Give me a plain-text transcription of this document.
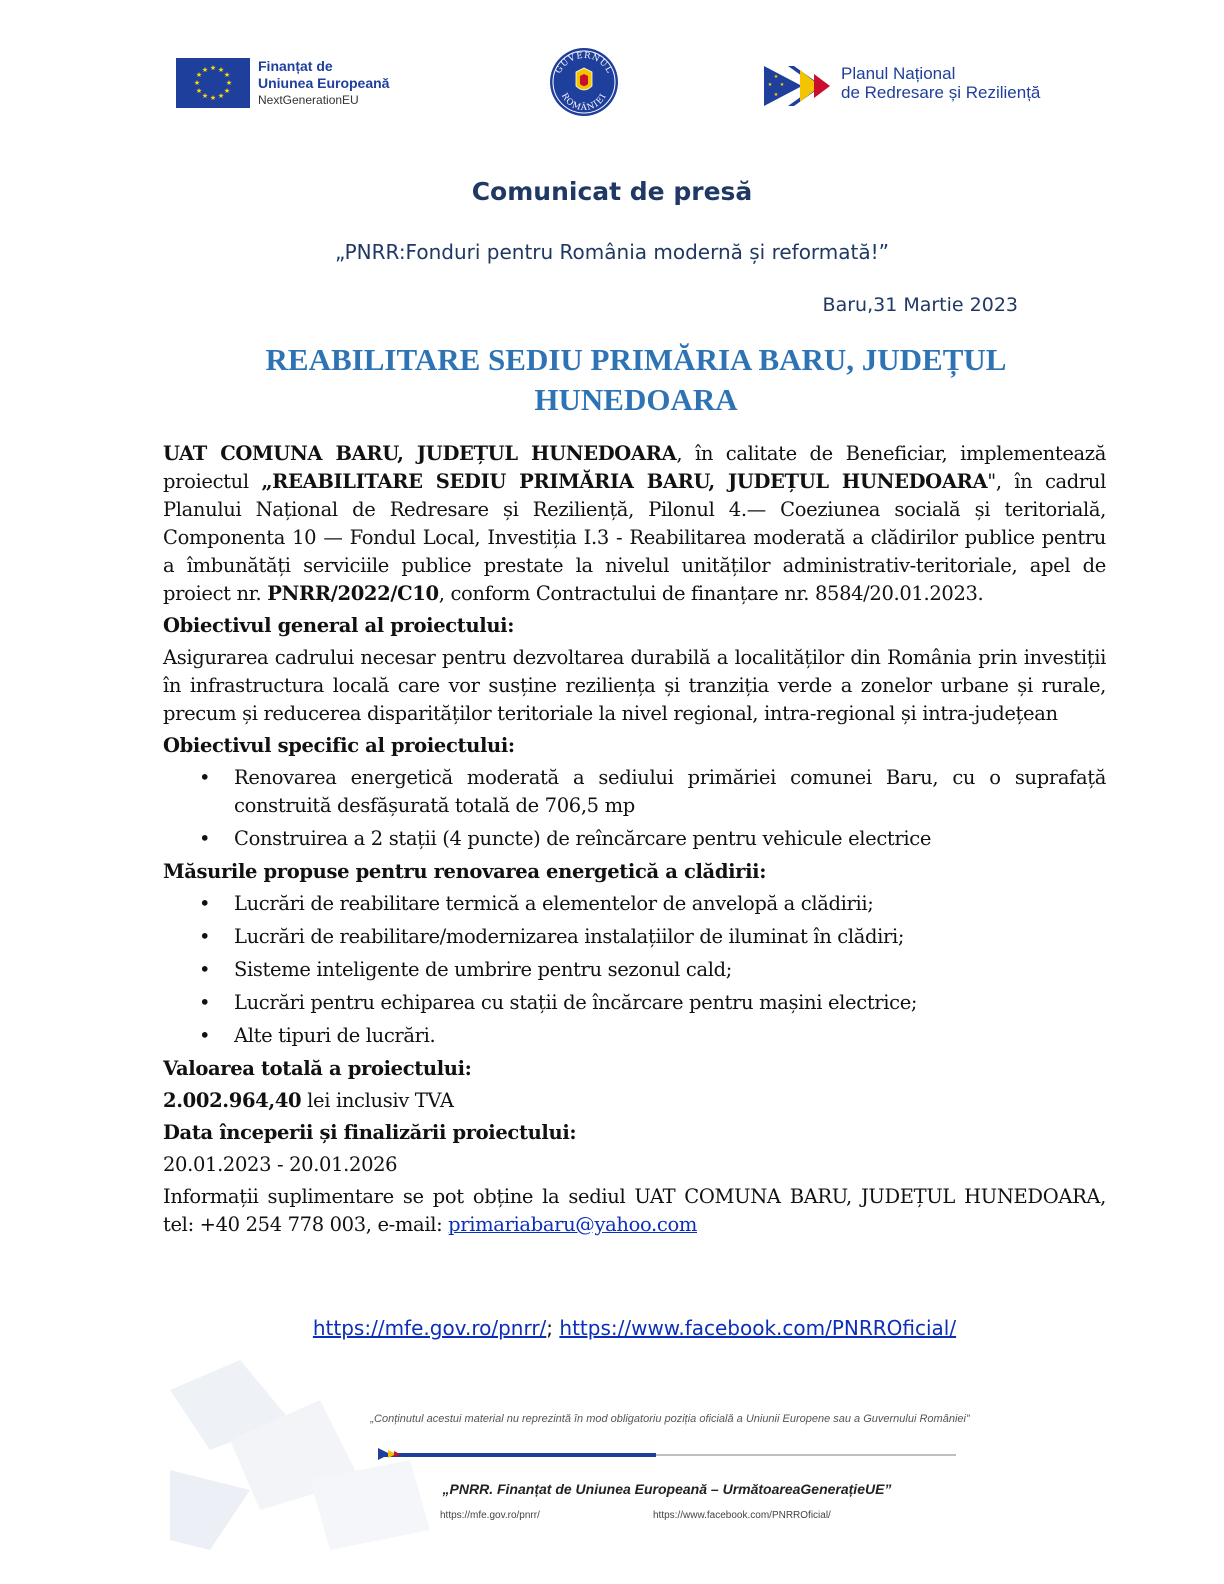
★ ★
★
★
★
★
★
★
★
★
★
★	Finanțat de
Uniunea Europeană
NextGenerationEU
GUVERNUL
ROMÂNIEI
★
★
★
★
Planul Național
de Redresare și Reziliență
Comunicat de presă
„PNRR:Fonduri pentru România modernă și reformată!”
Baru,31 Martie 2023
REABILITARE SEDIU PRIMĂRIA BARU, JUDEȚUL HUNEDOARA

UAT COMUNA BARU, JUDEȚUL HUNEDOARA, în calitate de Beneficiar, implementează proiectul „REABILITARE SEDIU PRIMĂRIA BARU, JUDEȚUL HUNEDOARA", în cadrul Planului Național de Redresare și Reziliență, Pilonul 4.— Coeziunea socială și teritorială, Componenta 10 — Fondul Local, Investiția I.3 - Reabilitarea moderată a clădirilor publice pentru a îmbunătăți serviciile publice prestate la nivelul unităților administrativ-teritoriale, apel de proiect nr. PNRR/2022/C10, conform Contractului de finanțare nr. 8584/20.01.2023.

Obiectivul general al proiectului:

Asigurarea cadrului necesar pentru dezvoltarea durabilă a localităților din România prin investiții în infrastructura locală care vor susține reziliența și tranziția verde a zonelor urbane și rurale, precum și reducerea disparităților teritoriale la nivel regional, intra-regional și intra-județean

Obiectivul specific al proiectului:

• Renovarea energetică moderată a sediului primăriei comunei Baru, cu o suprafață construită desfășurată totală de 706,5 mp
• Construirea a 2 stații (4 puncte) de reîncărcare pentru vehicule electrice

Măsurile propuse pentru renovarea energetică a clădirii:

• Lucrări de reabilitare termică a elementelor de anvelopă a clădirii;
• Lucrări de reabilitare/modernizarea instalațiilor de iluminat în clădiri;
• Sisteme inteligente de umbrire pentru sezonul cald;
• Lucrări pentru echiparea cu stații de încărcare pentru mașini electrice;
• Alte tipuri de lucrări.

Valoarea totală a proiectului:

2.002.964,40 lei inclusiv TVA

Data începerii și finalizării proiectului:

20.01.2023 - 20.01.2026

Informații suplimentare se pot obține la sediul UAT COMUNA BARU, JUDEȚUL HUNEDOARA, tel: +40 254 778 003, e-mail: primariabaru@yahoo.com

https://mfe.gov.ro/pnrr/; https://www.facebook.com/PNRROficial/
„Conținutul acestui material nu reprezintă în mod obligatoriu poziția oficială a Uniunii Europene sau a Guvernului României”
„PNRR. Finanțat de Uniunea Europeană – UrmătoareaGenerațieUE”
https://mfe.gov.ro/pnrr/	https://www.facebook.com/PNRROficial/
